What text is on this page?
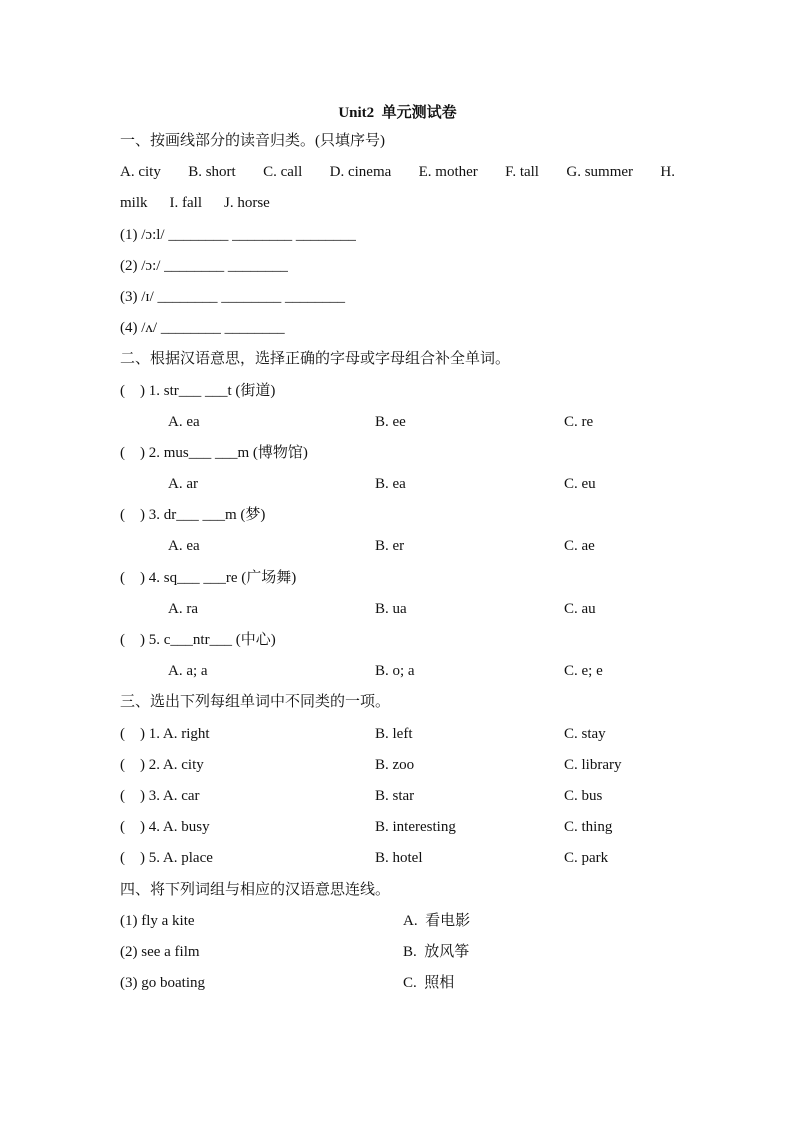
Unit2  单元测试卷
一、按画线部分的读音归类。(只填序号)
A. city B. short C. call D. cinema E. mother F. tall G. summer H.
milk I. fall J. horse
(1) /ɔ:l/ ________ ________ ________
(2) /ɔ:/ ________ ________
(3) /ɪ/ ________ ________ ________
(4) /ʌ/ ________ ________
二、根据汉语意思，选择正确的字母或字母组合补全单词。
(    ) 1. str___ ___t (街道)
A. ea	B. ee	C. re
(    ) 2. mus___ ___m (博物馆)
A. ar	B. ea	C. eu
(    ) 3. dr___ ___m (梦)
A. ea	B. er	C. ae
(    ) 4. sq___ ___re (广场舞)
A. ra	B. ua	C. au
(    ) 5. c___ntr___ (中心)
A. a; a	B. o; a	C. e; e
三、选出下列每组单词中不同类的一项。
(    ) 1. A. right	B. left	C. stay
(    ) 2. A. city	B. zoo	C. library
(    ) 3. A. car	B. star	C. bus
(    ) 4. A. busy	B. interesting	C. thing
(    ) 5. A. place	B. hotel	C. park
四、将下列词组与相应的汉语意思连线。
(1) fly a kite	A.  看电影
(2) see a film	B.  放风筝
(3) go boating	C.  照相
